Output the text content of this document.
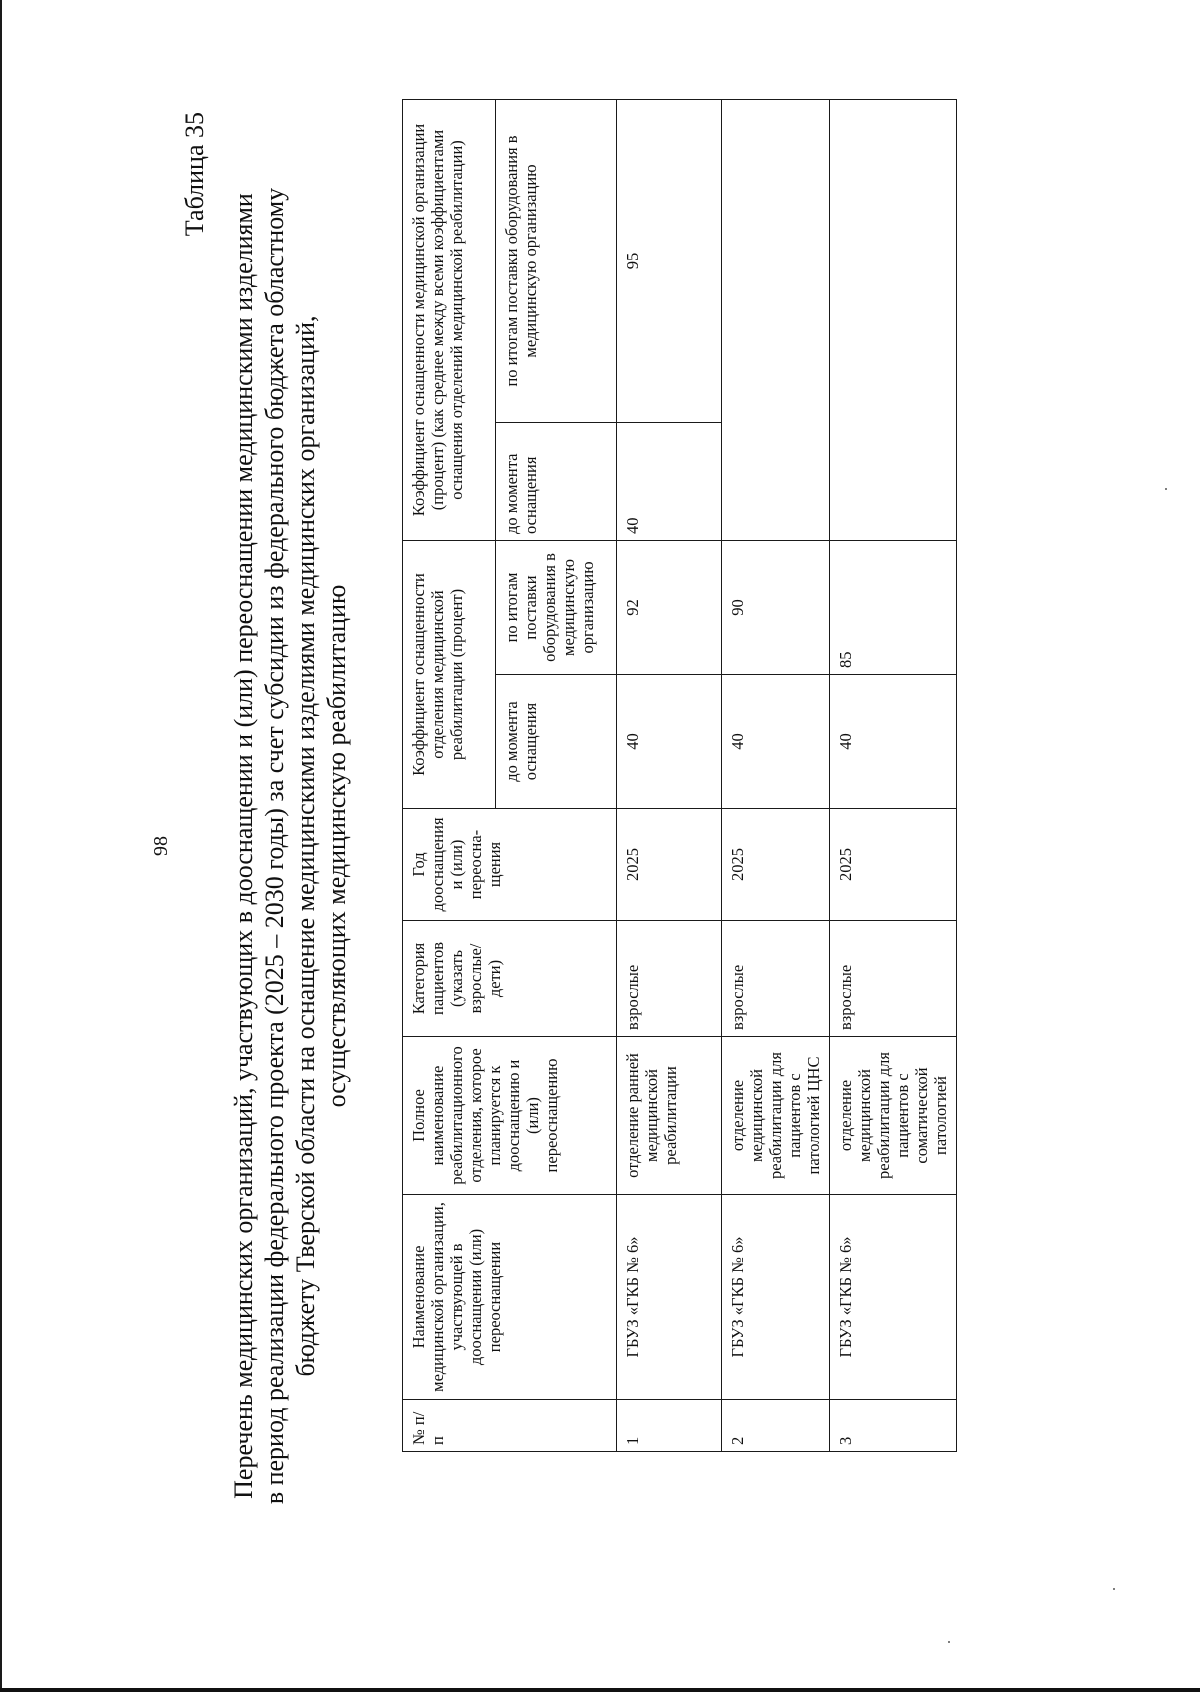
98
Таблица 35
Перечень медицинских организаций, участвующих в дооснащении и (или) переоснащении медицинскими изделиями в период реализации федерального проекта (2025 – 2030 годы) за счет субсидии из федерального бюджета областному бюджету Тверской области на оснащение медицинскими изделиями медицинских организаций, осуществляющих медицинскую реабилитацию
№ п/п	Наименование медицинской организации, участвующей в дооснащении (или) переоснащении	Полное наименование реабилитационного отделения, которое планируется к дооснащению и (или) переоснащению	Категория пациентов (указать взрослые/ дети)	Год дооснащения и (или) переосна-щения	Коэффициент оснащенности отделения медицинской реабилитации (процент)		Коэффициент оснащенности медицинской организации (процент) (как среднее между всеми коэффициентами оснащения отделений медицинской реабилитации)	
					до момента оснащения	по итогам поставки оборудования в медицинскую организацию	до момента оснащения	по итогам поставки оборудования в медицинскую организацию
1	ГБУЗ «ГКБ № 6»	отделение ранней медицинской реабилитации	взрослые	2025	40	92	40	95
2	ГБУЗ «ГКБ № 6»	отделение медицинской реабилитации для пациентов с патологией ЦНС	взрослые	2025	40	90		
3	ГБУЗ «ГКБ № 6»	отделение медицинской реабилитации для пациентов с соматической патологией	взрослые	2025	40	85		
